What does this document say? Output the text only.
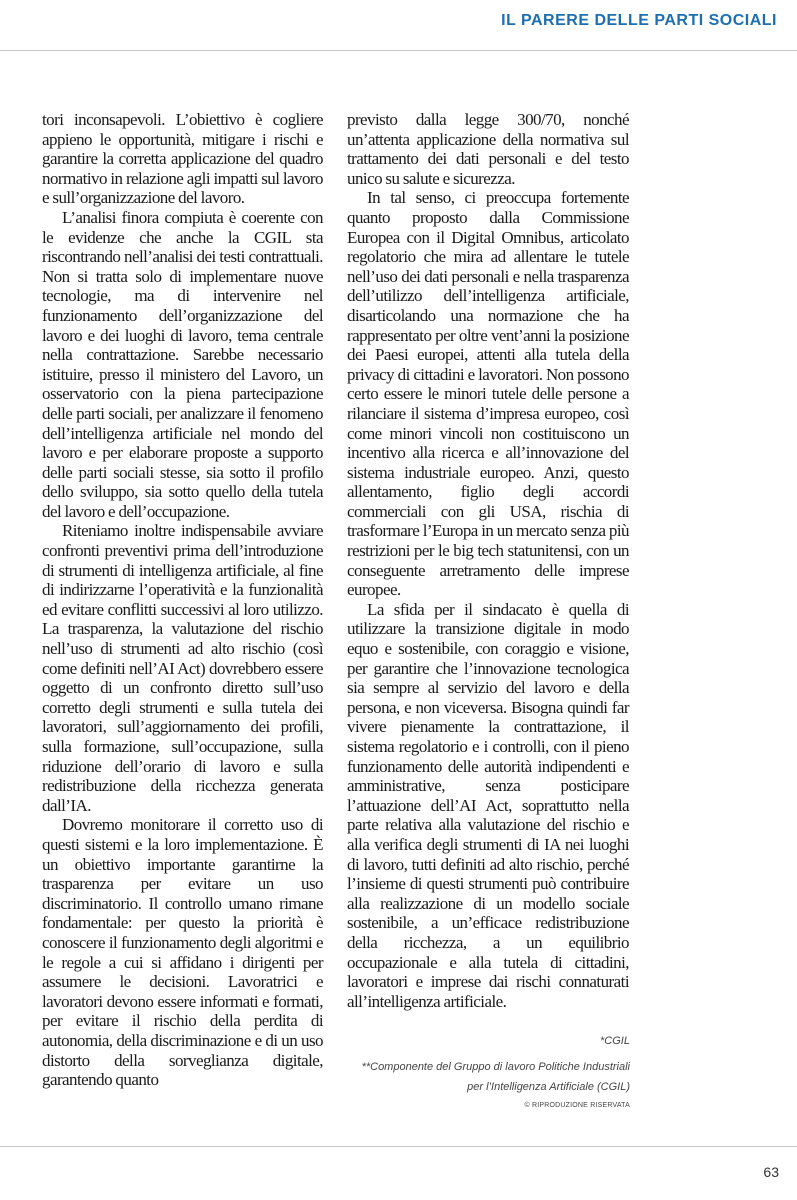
IL PARERE DELLE PARTI SOCIALI

tori inconsapevoli. L’obiettivo è cogliere appieno le opportunità, mitigare i rischi e garantire la corretta applicazione del quadro normativo in relazione agli impatti sul lavoro e sull’organizzazione del lavoro.

L’analisi finora compiuta è coerente con le evidenze che anche la CGIL sta riscontrando nell’analisi dei testi contrattuali. Non si tratta solo di implementare nuove tecnologie, ma di intervenire nel funzionamento dell’organizzazione del lavoro e dei luoghi di lavoro, tema centrale nella contrattazione. Sarebbe necessario istituire, presso il ministero del Lavoro, un osservatorio con la piena partecipazione delle parti sociali, per analizzare il fenomeno dell’intelligenza artificiale nel mondo del lavoro e per elaborare proposte a supporto delle parti sociali stesse, sia sotto il profilo dello sviluppo, sia sotto quello della tutela del lavoro e dell’occupazione.

Riteniamo inoltre indispensabile avviare confronti preventivi prima dell’introduzione di strumenti di intelligenza artificiale, al fine di indirizzarne l’operatività e la funzionalità ed evitare conflitti successivi al loro utilizzo. La trasparenza, la valutazione del rischio nell’uso di strumenti ad alto rischio (così come definiti nell’AI Act) dovrebbero essere oggetto di un confronto diretto sull’uso corretto degli strumenti e sulla tutela dei lavoratori, sull’aggiornamento dei profili, sulla formazione, sull’occupazione, sulla riduzione dell’orario di lavoro e sulla redistribuzione della ricchezza generata dall’IA.

Dovremo monitorare il corretto uso di questi sistemi e la loro implementazione. È un obiettivo importante garantirne la trasparenza per evitare un uso discriminatorio. Il controllo umano rimane fondamentale: per questo la priorità è conoscere il funzionamento degli algoritmi e le regole a cui si affidano i dirigenti per assumere le decisioni. Lavoratrici e lavoratori devono essere informati e formati, per evitare il rischio della perdita di autonomia, della discriminazione e di un uso distorto della sorveglianza digitale, garantendo quanto

previsto dalla legge 300/70, nonché un’attenta applicazione della normativa sul trattamento dei dati personali e del testo unico su salute e sicurezza.

In tal senso, ci preoccupa fortemente quanto proposto dalla Commissione Europea con il Digital Omnibus, articolato regolatorio che mira ad allentare le tutele nell’uso dei dati personali e nella trasparenza dell’utilizzo dell’intelligenza artificiale, disarticolando una normazione che ha rappresentato per oltre vent’anni la posizione dei Paesi europei, attenti alla tutela della privacy di cittadini e lavoratori. Non possono certo essere le minori tutele delle persone a rilanciare il sistema d’impresa europeo, così come minori vincoli non costituiscono un incentivo alla ricerca e all’innovazione del sistema industriale europeo. Anzi, questo allentamento, figlio degli accordi commerciali con gli USA, rischia di trasformare l’Europa in un mercato senza più restrizioni per le big tech statunitensi, con un conseguente arretramento delle imprese europee.

La sfida per il sindacato è quella di utilizzare la transizione digitale in modo equo e sostenibile, con coraggio e visione, per garantire che l’innovazione tecnologica sia sempre al servizio del lavoro e della persona, e non viceversa. Bisogna quindi far vivere pienamente la contrattazione, il sistema regolatorio e i controlli, con il pieno funzionamento delle autorità indipendenti e amministrative, senza posticipare l’attuazione dell’AI Act, soprattutto nella parte relativa alla valutazione del rischio e alla verifica degli strumenti di IA nei luoghi di lavoro, tutti definiti ad alto rischio, perché l’insieme di questi strumenti può contribuire alla realizzazione di un modello sociale sostenibile, a un’efficace redistribuzione della ricchezza, a un equilibrio occupazionale e alla tutela di cittadini, lavoratori e imprese dai rischi connaturati all’intelligenza artificiale.

*CGIL
**Componente del Gruppo di lavoro Politiche Industriali
per l’Intelligenza Artificiale (CGIL)
© RIPRODUZIONE RISERVATA
63
